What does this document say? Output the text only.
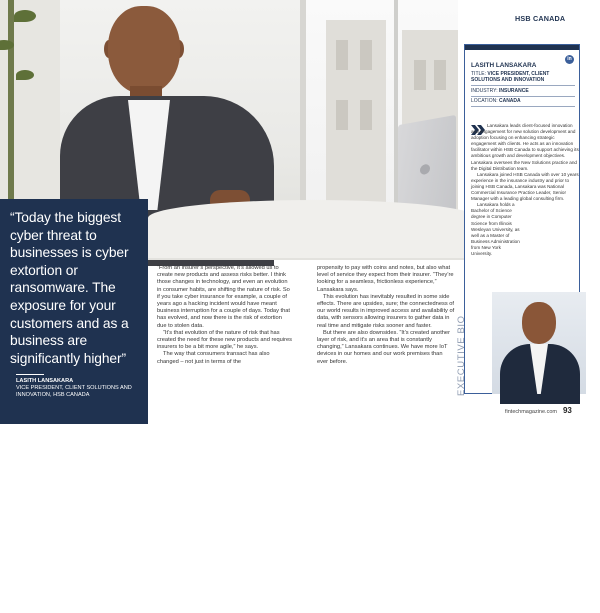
“Today the biggest cyber threat to businesses is cyber extortion or ransomware. The exposure for your customers and as a business are significantly higher”
LASITH LANSAKARA
VICE PRESIDENT, CLIENT SOLUTIONS AND INNOVATION, HSB CANADA
92 August 2023

“From an insurer’s perspective, it’s allowed us to create new products and assess risks better. I think those changes in technology, and even an evolution in consumer habits, are shifting the nature of risk. So if you take cyber insurance for example, a couple of years ago a hacking incident would have meant business interruption for a couple of days. Today that has evolved, and now there is the risk of extortion due to stolen data.

“It’s that evolution of the nature of risk that has created the need for these new products and requires insurers to be a bit more agile,” he says.

The way that consumers transact has also changed – not just in terms of the

propensity to pay with coins and notes, but also what level of service they expect from their insurer. “They’re looking for a seamless, frictionless experience,” Lansakara says.

This evolution has inevitably resulted in some side effects. There are upsides, sure; the connectedness of our world results in improved access and availability of data, with sensors allowing insurers to gather data in real time and mitigate risks sooner and faster.

But there are also downsides. “It’s created another layer of risk, and it’s an area that is constantly changing,” Lansakara continues. We have more IoT devices in our homes and our work premises than ever before.

HSB CANADA
in
LASITH LANSAKARA
TITLE: VICE PRESIDENT, CLIENT SOLUTIONS AND INNOVATION
INDUSTRY: INSURANCE
LOCATION: CANADA

Lansakara leads client-focused innovation and engagement for new solution development and adoption focusing on enhancing strategic engagement with clients. He acts as an innovation facilitator within HSB Canada to support achieving its ambitious growth and development objectives. Lansakara oversees the New Solutions practice and the Digital Distribution team.

Lansakara joined HSB Canada with over 10 years experience in the insurance industry and prior to joining HSB Canada, Lansakara was National Commercial Insurance Practice Leader, Senior Manager with a leading global consulting firm.

Lansakara holds a Bachelor of Science degree in Computer Science from Illinois Wesleyan University, as well as a Master of Business Administration from New York University.

EXECUTIVE BIO
fintechmagazine.com 93
